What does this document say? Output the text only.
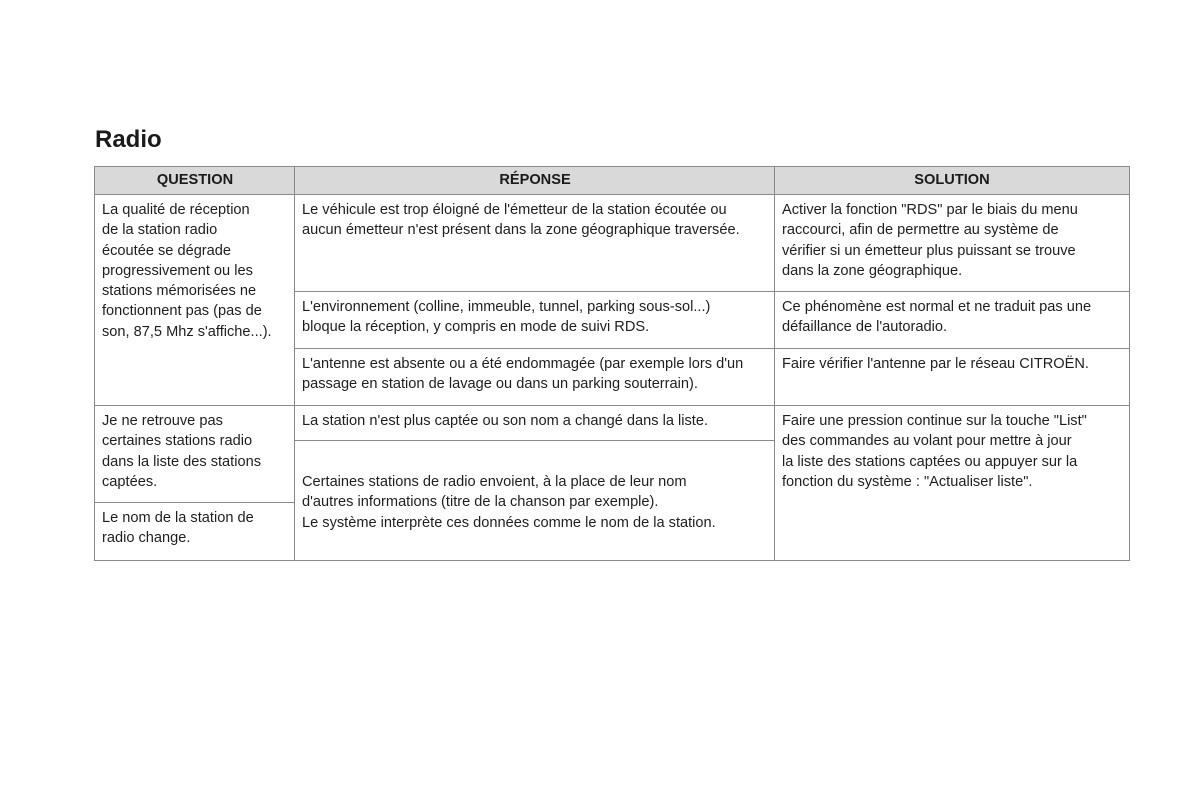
Radio
QUESTION	RÉPONSE	SOLUTION
La qualité de réception
de la station radio
écoutée se dégrade
progressivement ou les
stations mémorisées ne
fonctionnent pas (pas de
son, 87,5 Mhz s'affiche...).
Le véhicule est trop éloigné de l'émetteur de la station écoutée ou
aucun émetteur n'est présent dans la zone géographique traversée.
Activer la fonction "RDS" par le biais du menu
raccourci, afin de permettre au système de
vérifier si un émetteur plus puissant se trouve
dans la zone géographique.
L'environnement (colline, immeuble, tunnel, parking sous-sol...)
bloque la réception, y compris en mode de suivi RDS.
Ce phénomène est normal et ne traduit pas une
défaillance de l'autoradio.
L'antenne est absente ou a été endommagée (par exemple lors d'un
passage en station de lavage ou dans un parking souterrain).
Faire vérifier l'antenne par le réseau CITROËN.
Je ne retrouve pas
certaines stations radio
dans la liste des stations
captées.
La station n'est plus captée ou son nom a changé dans la liste.
Le nom de la station de
radio change.
Certaines stations de radio envoient, à la place de leur nom
d'autres informations (titre de la chanson par exemple).
Le système interprète ces données comme le nom de la station.
Faire une pression continue sur la touche "List"
des commandes au volant pour mettre à jour
la liste des stations captées ou appuyer sur la
fonction du système : "Actualiser liste".
